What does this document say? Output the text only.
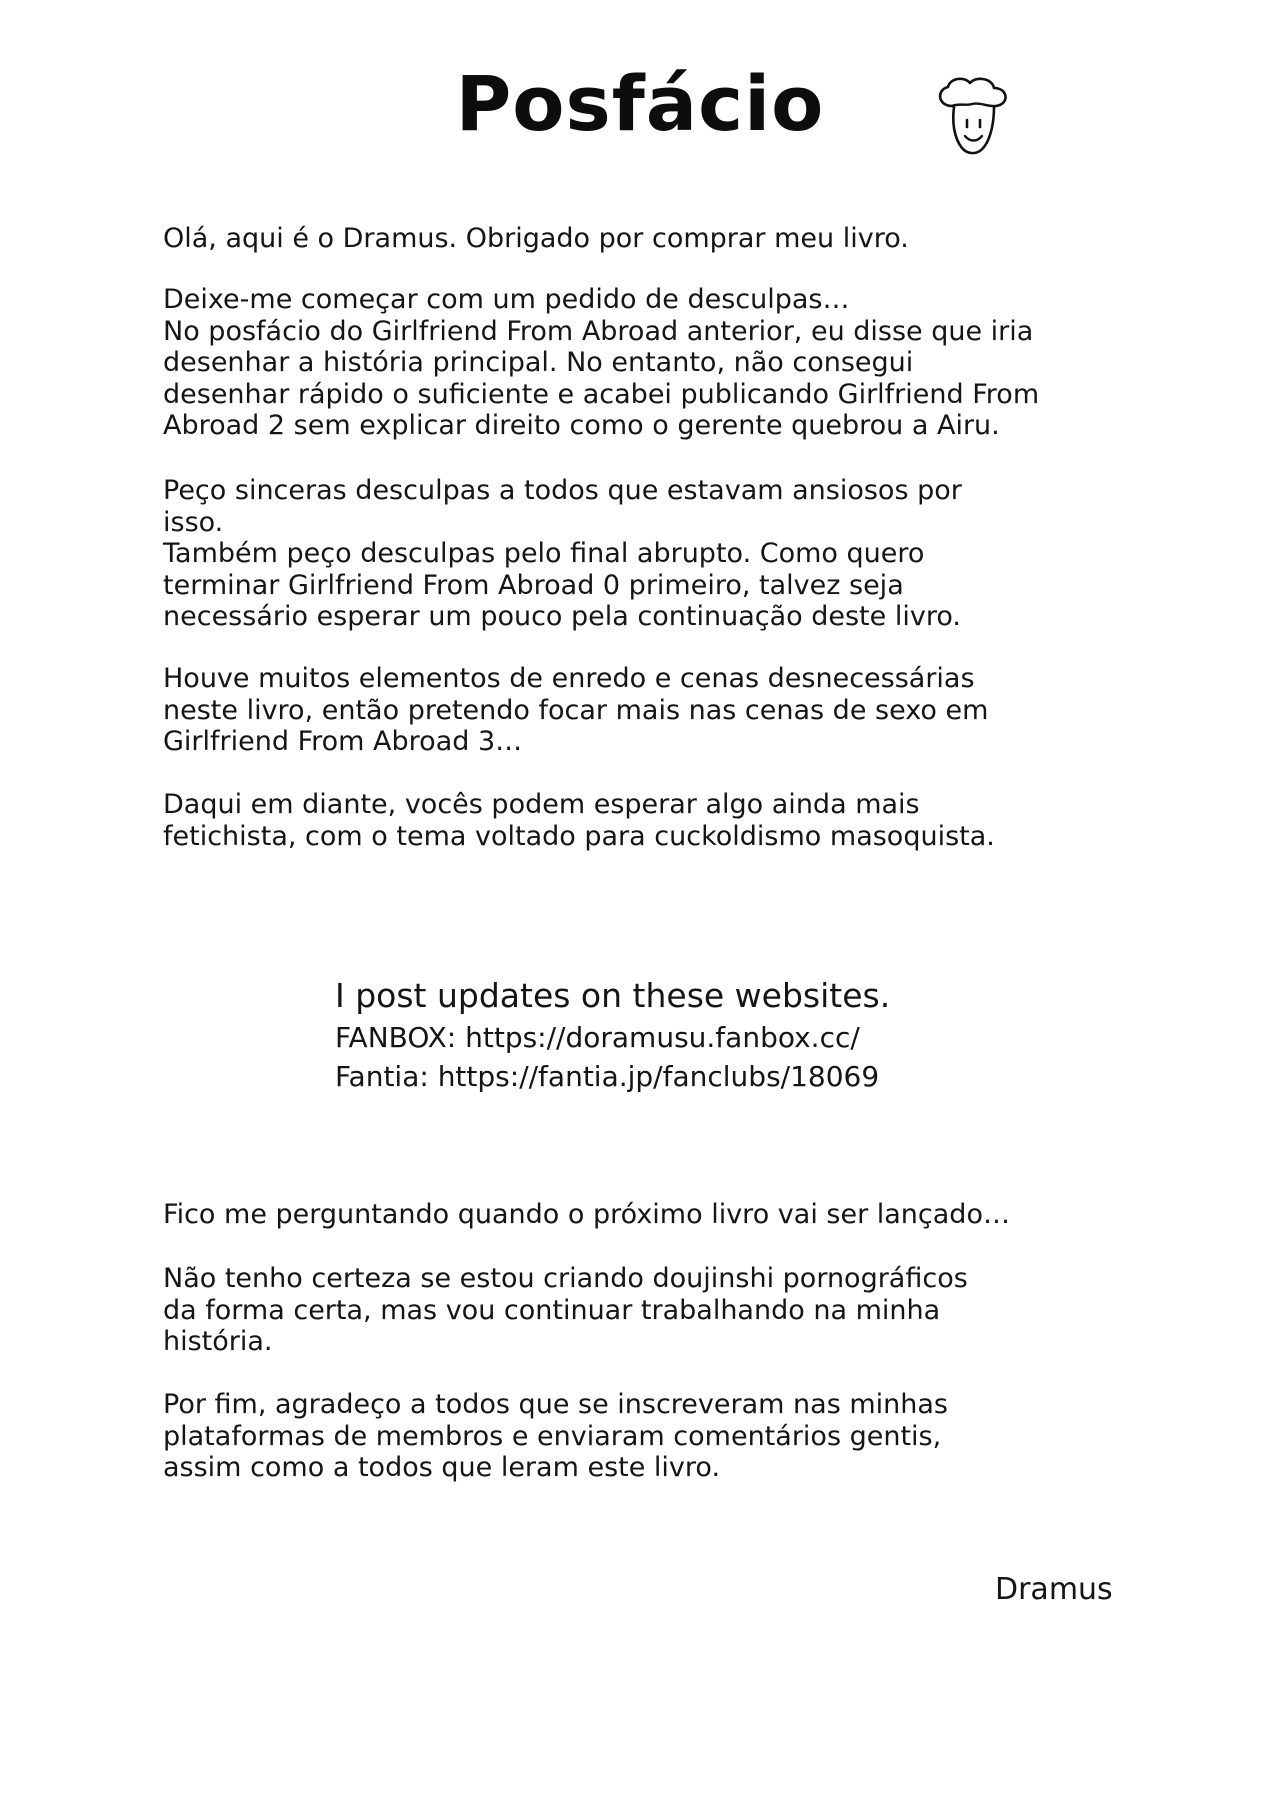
Posfácio
Olá, aqui é o Dramus. Obrigado por comprar meu livro.
Deixe-me começar com um pedido de desculpas…
No posfácio do Girlfriend From Abroad anterior, eu disse que iria
desenhar a história principal. No entanto, não consegui
desenhar rápido o suficiente e acabei publicando Girlfriend From
Abroad 2 sem explicar direito como o gerente quebrou a Airu.
Peço sinceras desculpas a todos que estavam ansiosos por
isso.
Também peço desculpas pelo final abrupto. Como quero
terminar Girlfriend From Abroad 0 primeiro, talvez seja
necessário esperar um pouco pela continuação deste livro.
Houve muitos elementos de enredo e cenas desnecessárias
neste livro, então pretendo focar mais nas cenas de sexo em
Girlfriend From Abroad 3…
Daqui em diante, vocês podem esperar algo ainda mais
fetichista, com o tema voltado para cuckoldismo masoquista.
I post updates on these websites.
FANBOX: https://doramusu.fanbox.cc/
Fantia: https://fantia.jp/fanclubs/18069
Fico me perguntando quando o próximo livro vai ser lançado…
Não tenho certeza se estou criando doujinshi pornográficos
da forma certa, mas vou continuar trabalhando na minha
história.
Por fim, agradeço a todos que se inscreveram nas minhas
plataformas de membros e enviaram comentários gentis,
assim como a todos que leram este livro.
Dramus
